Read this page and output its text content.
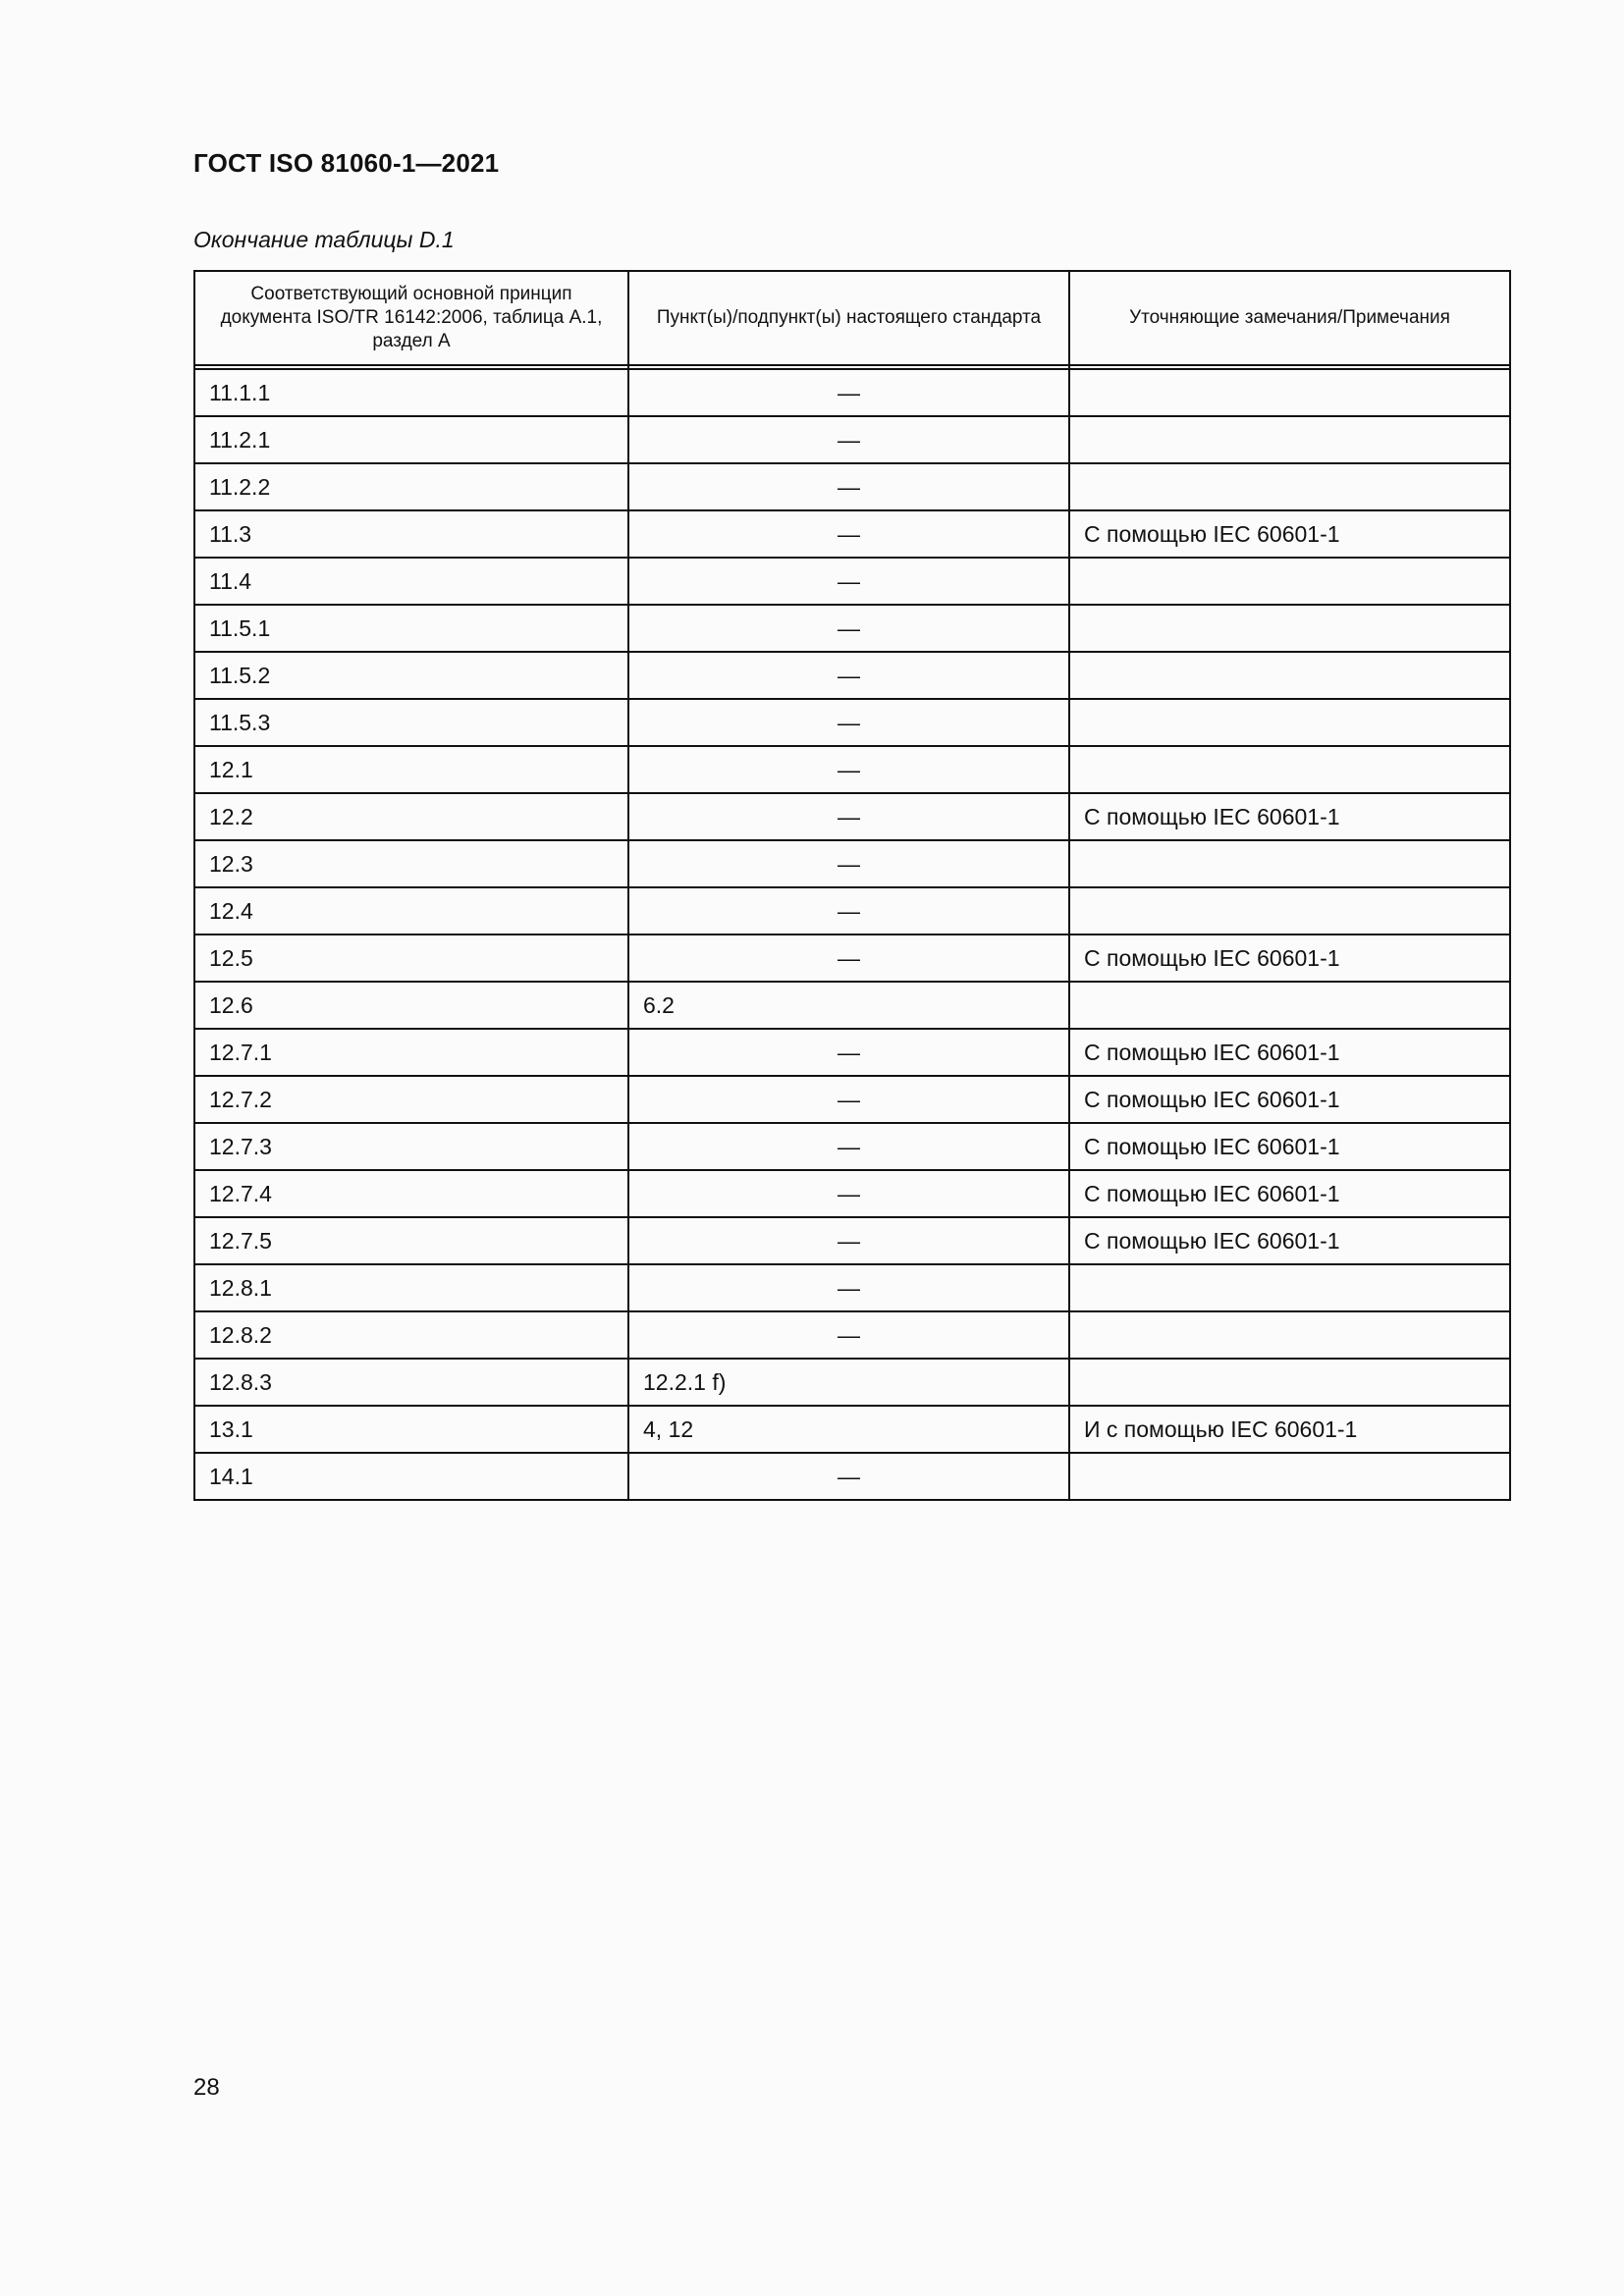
ГОСТ ISO 81060-1—2021
Окончание таблицы D.1
Соответствующий основной принцип документа ISO/TR 16142:2006, таблица A.1, раздел A	Пункт(ы)/подпункт(ы) настоящего стандарта	Уточняющие замечания/Примечания

11.1.1	—	
11.2.1	—	
11.2.2	—	
11.3	—	С помощью IEC 60601-1
11.4	—	
11.5.1	—	
11.5.2	—	
11.5.3	—	
12.1	—	
12.2	—	С помощью IEC 60601-1
12.3	—	
12.4	—	
12.5	—	С помощью IEC 60601-1
12.6	6.2	
12.7.1	—	С помощью IEC 60601-1
12.7.2	—	С помощью IEC 60601-1
12.7.3	—	С помощью IEC 60601-1
12.7.4	—	С помощью IEC 60601-1
12.7.5	—	С помощью IEC 60601-1
12.8.1	—	
12.8.2	—	
12.8.3	12.2.1 f)	
13.1	4, 12	И с помощью IEC 60601-1
14.1	—	
28
